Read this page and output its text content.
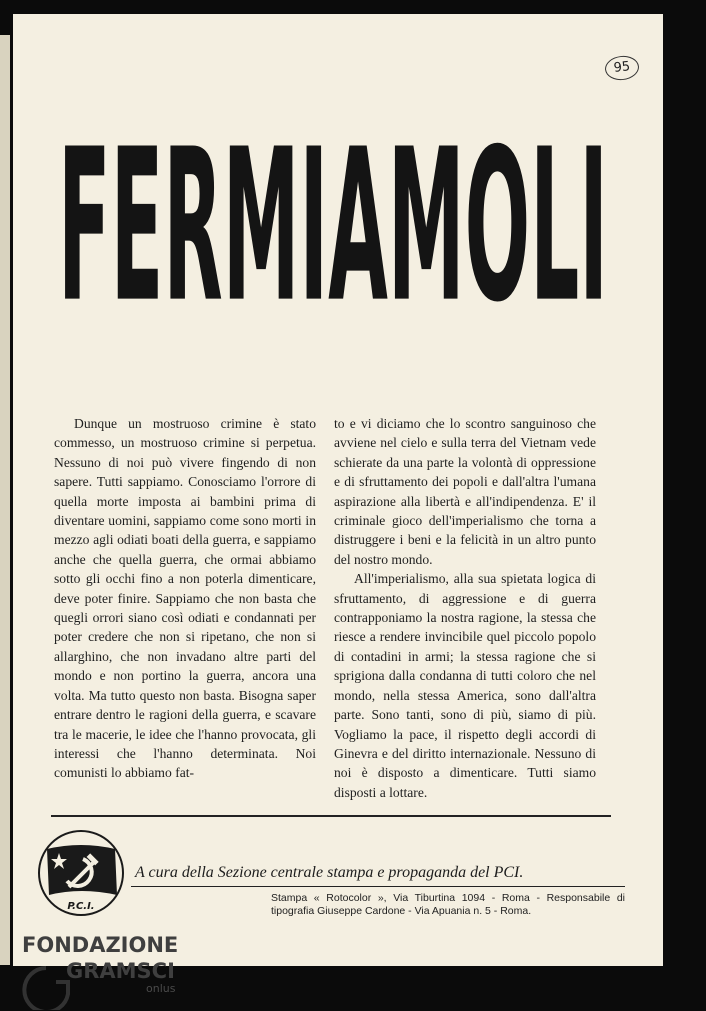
95
FERMIAMOLI

Dunque un mostruoso crimine è stato commesso, un mostruoso crimine si perpetua. Nessuno di noi può vivere fingendo di non sapere. Tutti sappiamo. Conosciamo l'orrore di quella morte imposta ai bambini prima di diventare uomini, sappiamo come sono morti in mezzo agli odiati boati della guerra, e sappiamo anche che quella guerra, che ormai abbiamo sotto gli occhi fino a non poterla dimenticare, deve poter finire. Sappiamo che non basta che quegli orrori siano così odiati e condannati per poter credere che non si ripetano, che non si allarghino, che non invadano altre parti del mondo e non portino la guerra, ancora una volta. Ma tutto questo non basta. Bisogna saper entrare dentro le ragioni della guerra, e scavare tra le macerie, le idee che l'hanno provocata, gli interessi che l'hanno determinata. Noi comunisti lo abbiamo fat-

to e vi diciamo che lo scontro sanguinoso che avviene nel cielo e sulla terra del Vietnam vede schierate da una parte la volontà di oppressione e di sfruttamento dei popoli e dall'altra l'umana aspirazione alla libertà e all'indipendenza. E' il criminale gioco dell'imperialismo che torna a distruggere i beni e la felicità in un altro punto del nostro mondo.

All'imperialismo, alla sua spietata logica di sfruttamento, di aggressione e di guerra contrapponiamo la nostra ragione, la stessa che riesce a rendere invincibile quel piccolo popolo di contadini in armi; la stessa ragione che si sprigiona dalla condanna di tutti coloro che nel mondo, nella stessa America, sono dall'altra parte. Sono tanti, sono di più, siamo di più. Vogliamo la pace, il rispetto degli accordi di Ginevra e del diritto internazionale. Nessuno di noi è disposto a dimenticare. Tutti siamo disposti a lottare.

P.C.I.
A cura della Sezione centrale stampa e propaganda del PCI.
Stampa « Rotocolor », Via Tiburtina 1094 - Roma - Responsabile di tipografia Giuseppe Cardone - Via Apuania n. 5 - Roma.
FONDAZIONE
GRAMSCI
onlus
